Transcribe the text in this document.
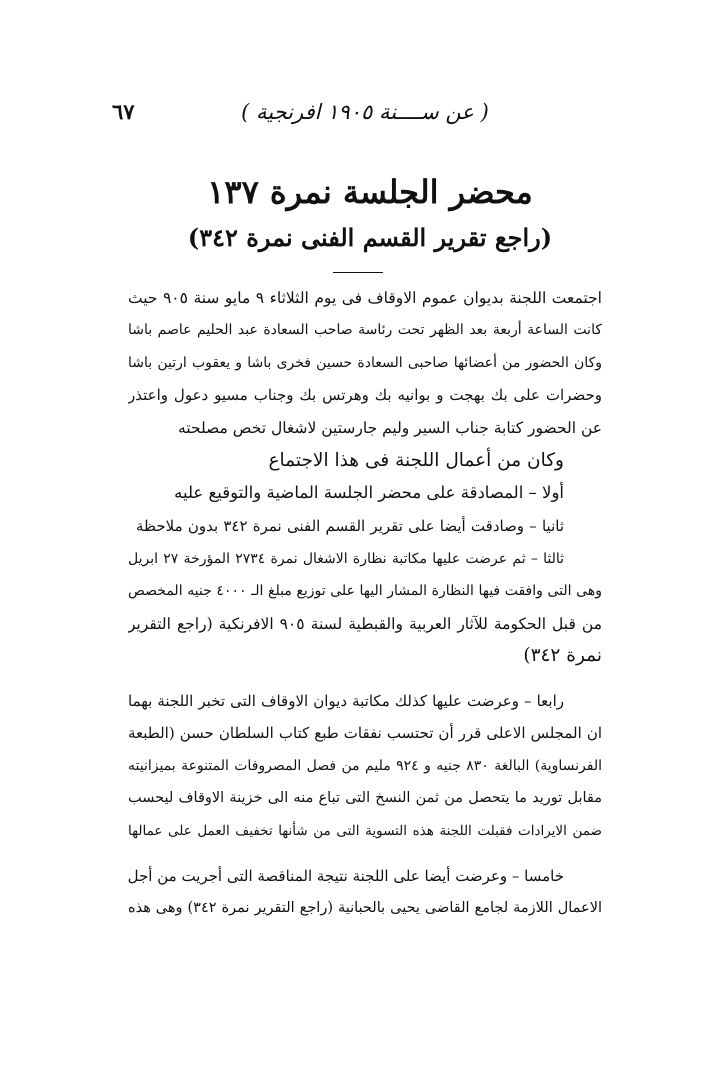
( عن ســــنة ١٩٠٥ افرنجية )
٦٧
محضر الجلسة نمرة ١٣٧
(راجع تقرير القسم الفنى نمرة ٣٤٢)
اجتمعت اللجنة بديوان عموم الاوقاف فى يوم الثلاثاء ٩ مايو سنة ٩٠٥ حيث
كانت الساعة أربعة بعد الظهر تحت رئاسة صاحب السعادة عبد الحليم عاصم باشا
وكان الحضور من أعضائها صاحبى السعادة حسين فخرى باشا و يعقوب ارتين باشا
وحضرات على بك بهجت و بوانيه بك وهرتس بك وجناب مسيو دعول واعتذر
عن الحضور كتابة جناب السير وليم جارستين لاشغال تخص مصلحته
وكان من أعمال اللجنة فى هذا الاجتماع
أولا – المصادقة على محضر الجلسة الماضية والتوقيع عليه
ثانيا – وصادقت أيضا على تقرير القسم الفنى نمرة ٣٤٢ بدون ملاحظة
ثالثا – ثم عرضت عليها مكاتبة نظارة الاشغال نمرة ٢٧٣٤ المؤرخة ٢٧ ابريل
وهى التى وافقت فيها النظارة المشار اليها على توزيع مبلغ الـ ٤٠٠٠ جنيه المخصص
من قبل الحكومة للآثار العربية والقبطية لسنة ٩٠٥ الافرنكية (راجع التقرير
نمرة ٣٤٢)
رابعا – وعرضت عليها كذلك مكاتبة ديوان الاوقاف التى تخبر اللجنة بهما
ان المجلس الاعلى قرر أن تحتسب نفقات طبع كتاب السلطان حسن (الطبعة
الفرنساوية) البالغة ٨٣٠ جنيه و ٩٢٤ مليم من فصل المصروفات المتنوعة بميزانيته
مقابل توريد ما يتحصل من ثمن النسخ التى تباع منه الى خزينة الاوقاف ليحسب
ضمن الايرادات فقبلت اللجنة هذه التسوية التى من شأنها تخفيف العمل على عمالها
خامسا – وعرضت أيضا على اللجنة نتيجة المناقصة التى أجريت من أجل
الاعمال اللازمة لجامع القاضى يحيى بالحبانية (راجع التقرير نمرة ٣٤٢) وهى هذه
